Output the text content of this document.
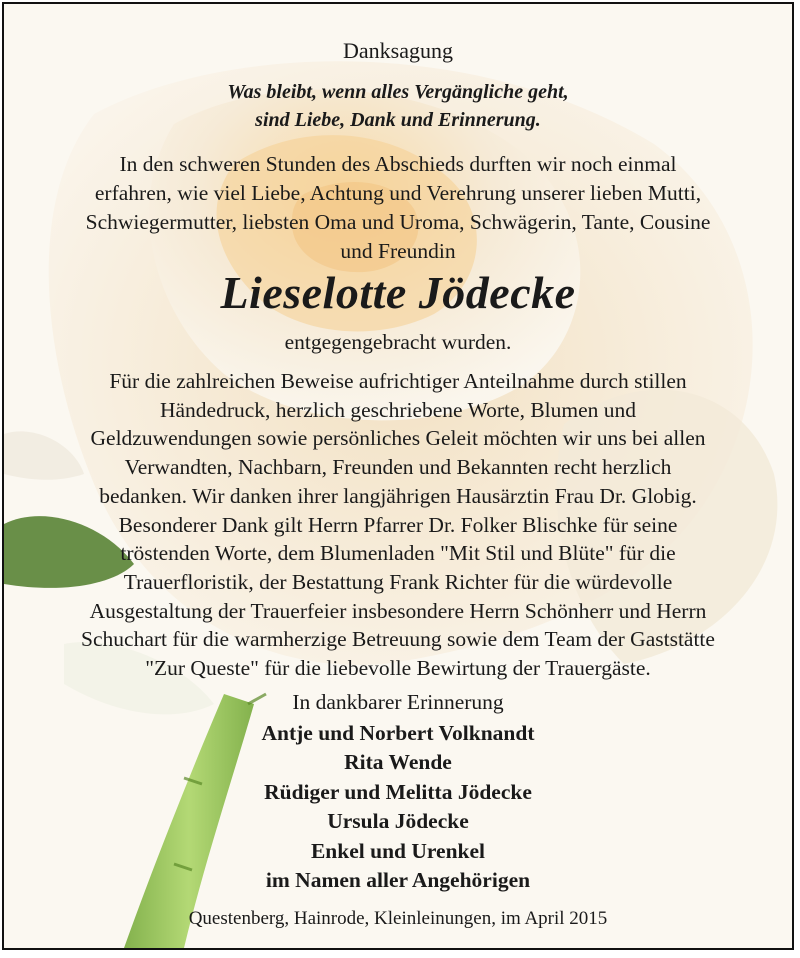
Danksagung
Was bleibt, wenn alles Vergängliche geht,
sind Liebe, Dank und Erinnerung.
In den schweren Stunden des Abschieds durften wir noch einmal
erfahren, wie viel Liebe, Achtung und Verehrung unserer lieben Mutti,
Schwiegermutter, liebsten Oma und Uroma, Schwägerin, Tante, Cousine
und Freundin
Lieselotte Jödecke
entgegengebracht wurden.
Für die zahlreichen Beweise aufrichtiger Anteilnahme durch stillen
Händedruck, herzlich geschriebene Worte, Blumen und
Geldzuwendungen sowie persönliches Geleit möchten wir uns bei allen
Verwandten, Nachbarn, Freunden und Bekannten recht herzlich
bedanken. Wir danken ihrer langjährigen Hausärztin Frau Dr. Globig.
Besonderer Dank gilt Herrn Pfarrer Dr. Folker Blischke für seine
tröstenden Worte, dem Blumenladen "Mit Stil und Blüte" für die
Trauerfloristik, der Bestattung Frank Richter für die würdevolle
Ausgestaltung der Trauerfeier insbesondere Herrn Schönherr und Herrn
Schuchart für die warmherzige Betreuung sowie dem Team der Gaststätte
"Zur Queste" für die liebevolle Bewirtung der Trauergäste.
In dankbarer Erinnerung
Antje und Norbert Volknandt
Rita Wende
Rüdiger und Melitta Jödecke
Ursula Jödecke
Enkel und Urenkel
im Namen aller Angehörigen
Questenberg, Hainrode, Kleinleinungen, im April 2015
